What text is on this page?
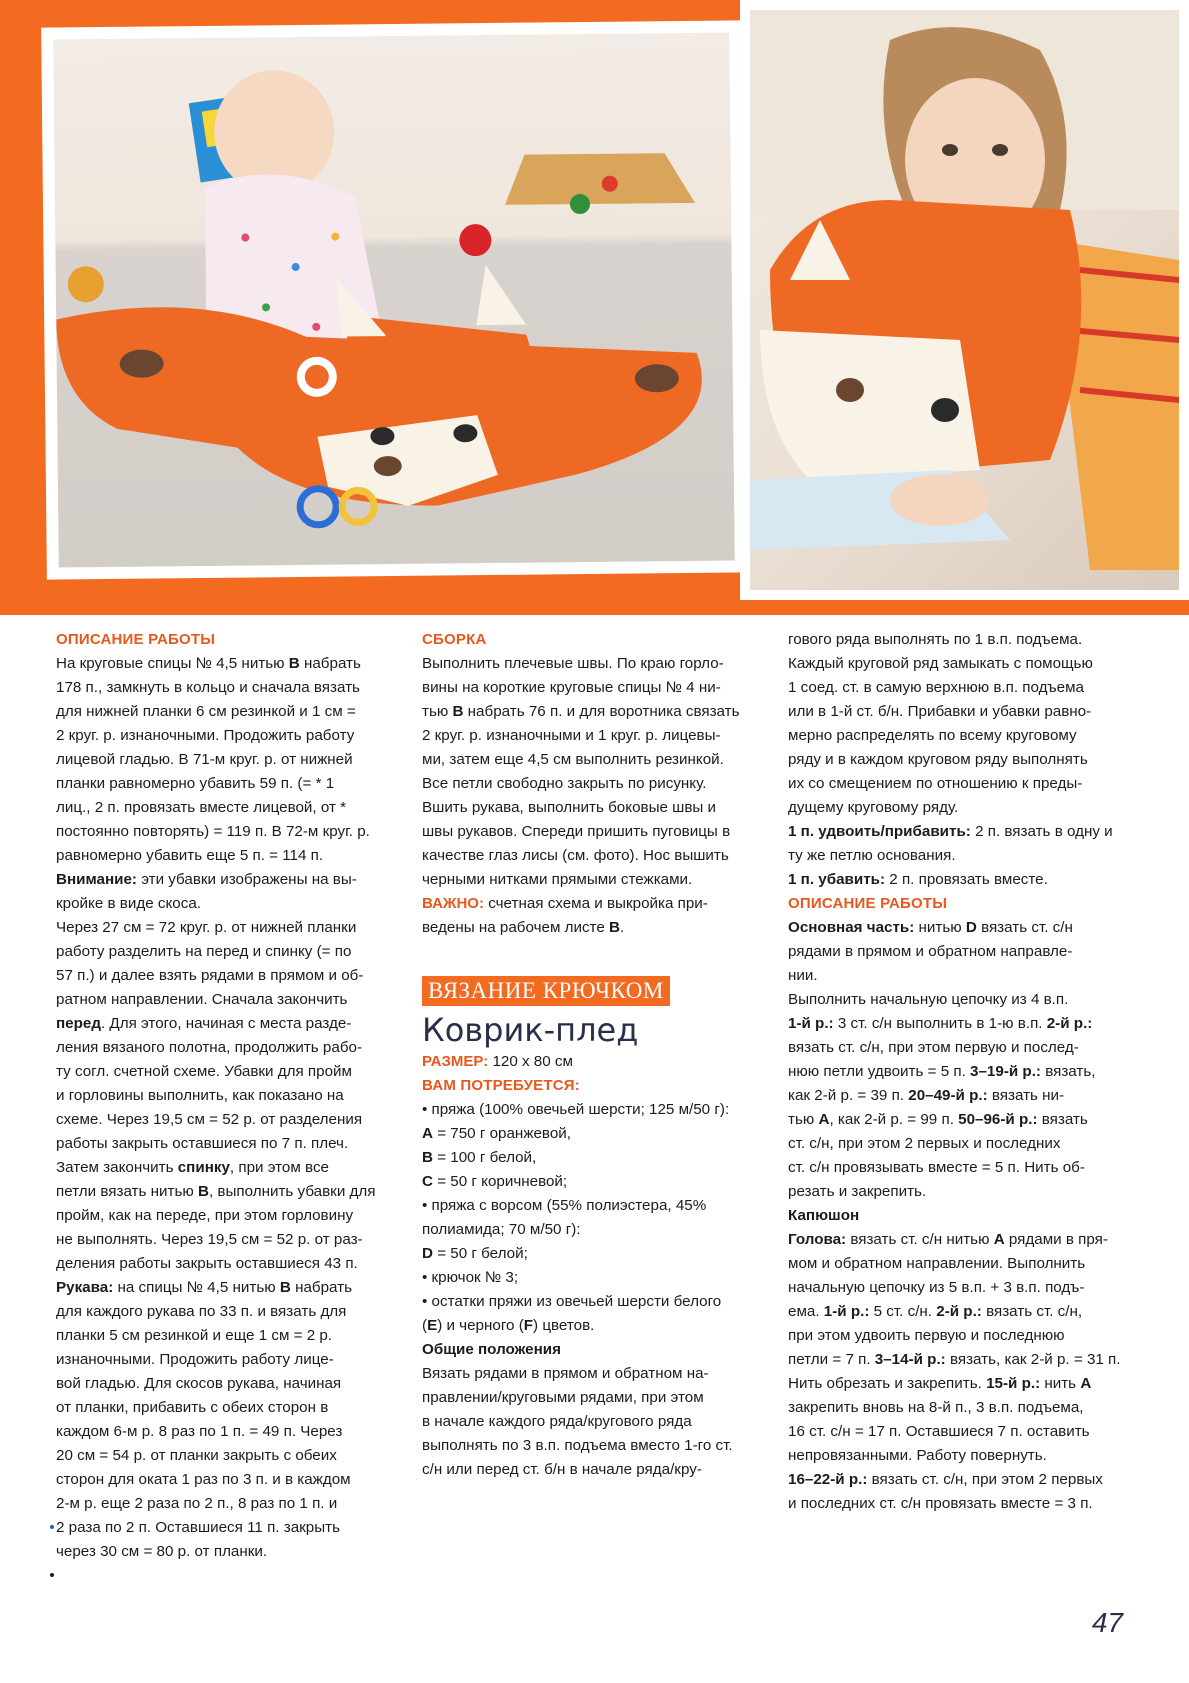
ОПИСАНИЕ РАБОТЫ

На круговые спицы № 4,5 нитью B набрать

178 п., замкнуть в кольцо и сначала вязать

для нижней планки 6 см резинкой и 1 см =

2 круг. р. изнаночными. Продожить работу

лицевой гладью. В 71-м круг. р. от нижней

планки равномерно убавить 59 п. (= * 1

лиц., 2 п. провязать вместе лицевой, от *

постоянно повторять) = 119 п. В 72-м круг. р.

равномерно убавить еще 5 п. = 114 п.

Внимание: эти убавки изображены на вы-

кройке в виде скоса.

Через 27 см = 72 круг. р. от нижней планки

работу разделить на перед и спинку (= по

57 п.) и далее взять рядами в прямом и об-

ратном направлении. Сначала закончить

перед. Для этого, начиная с места разде-

ления вязаного полотна, продолжить рабо-

ту согл. счетной схеме. Убавки для пройм

и горловины выполнить, как показано на

схеме. Через 19,5 см = 52 р. от разделения

работы закрыть оставшиеся по 7 п. плеч.

Затем закончить спинку, при этом все

петли вязать нитью B, выполнить убавки для

пройм, как на переде, при этом горловину

не выполнять. Через 19,5 см = 52 р. от раз-

деления работы закрыть оставшиеся 43 п.

Рукава: на спицы № 4,5 нитью B набрать

для каждого рукава по 33 п. и вязать для

планки 5 см резинкой и еще 1 см = 2 р.

изнаночными. Продожить работу лице-

вой гладью. Для скосов рукава, начиная

от планки, прибавить с обеих сторон в

каждом 6-м р. 8 раз по 1 п. = 49 п. Через

20 см = 54 р. от планки закрыть с обеих

сторон для оката 1 раз по 3 п. и в каждом

2-м р. еще 2 раза по 2 п., 8 раз по 1 п. и

2 раза по 2 п. Оставшиеся 11 п. закрыть

через 30 см = 80 р. от планки.

СБОРКА

Выполнить плечевые швы. По краю горло-

вины на короткие круговые спицы № 4 ни-

тью B набрать 76 п. и для воротника связать

2 круг. р. изнаночными и 1 круг. р. лицевы-

ми, затем еще 4,5 см выполнить резинкой.

Все петли свободно закрыть по рисунку.

Вшить рукава, выполнить боковые швы и

швы рукавов. Спереди пришить пуговицы в

качестве глаз лисы (см. фото). Нос вышить

черными нитками прямыми стежками.

ВАЖНО: счетная схема и выкройка при-
ведены на рабочем листе B.

ВЯЗАНИЕ КРЮЧКОМ
Коврик-плед

РАЗМЕР: 120 х 80 см

ВАМ ПОТРЕБУЕТСЯ:

• пряжа (100% овечьей шерсти; 125 м/50 г):

A = 750 г оранжевой,

B = 100 г белой,

C = 50 г коричневой;

• пряжа с ворсом (55% полиэстера, 45%

полиамида; 70 м/50 г):

D = 50 г белой;

• крючок № 3;

• остатки пряжи из овечьей шерсти белого

(E) и черного (F) цветов.

Общие положения

Вязать рядами в прямом и обратном на-

правлении/круговыми рядами, при этом

в начале каждого ряда/кругового ряда

выполнять по 3 в.п. подъема вместо 1-го ст.

с/н или перед ст. б/н в начале ряда/кру-

гового ряда выполнять по 1 в.п. подъема.

Каждый круговой ряд замыкать с помощью

1 соед. ст. в самую верхнюю в.п. подъема

или в 1-й ст. б/н. Прибавки и убавки равно-

мерно распределять по всему круговому

ряду и в каждом круговом ряду выполнять

их со смещением по отношению к преды-

дущему круговому ряду.

1 п. удвоить/прибавить: 2 п. вязать в одну и

ту же петлю основания.

1 п. убавить: 2 п. провязать вместе.

ОПИСАНИЕ РАБОТЫ

Основная часть: нитью D вязать ст. с/н

рядами в прямом и обратном направле-

нии.

Выполнить начальную цепочку из 4 в.п.

1-й р.: 3 ст. с/н выполнить в 1-ю в.п. 2-й р.:

вязать ст. с/н, при этом первую и послед-

нюю петли удвоить = 5 п. 3–19-й р.: вязать,

как 2-й р. = 39 п. 20–49-й р.: вязать ни-

тью A, как 2-й р. = 99 п. 50–96-й р.: вязать

ст. с/н, при этом 2 первых и последних

ст. с/н провязывать вместе = 5 п. Нить об-

резать и закрепить.

Капюшон

Голова: вязать ст. с/н нитью A рядами в пря-

мом и обратном направлении. Выполнить

начальную цепочку из 5 в.п. + 3 в.п. подъ-

ема. 1-й р.: 5 ст. с/н. 2-й р.: вязать ст. с/н,

при этом удвоить первую и последнюю

петли = 7 п. 3–14-й р.: вязать, как 2-й р. = 31 п.

Нить обрезать и закрепить. 15-й р.: нить A

закрепить вновь на 8-й п., 3 в.п. подъема,

16 ст. с/н = 17 п. Оставшиеся 7 п. оставить

непровязанными. Работу повернуть.

16–22-й р.: вязать ст. с/н, при этом 2 первых

и последних ст. с/н провязать вместе = 3 п.

47
